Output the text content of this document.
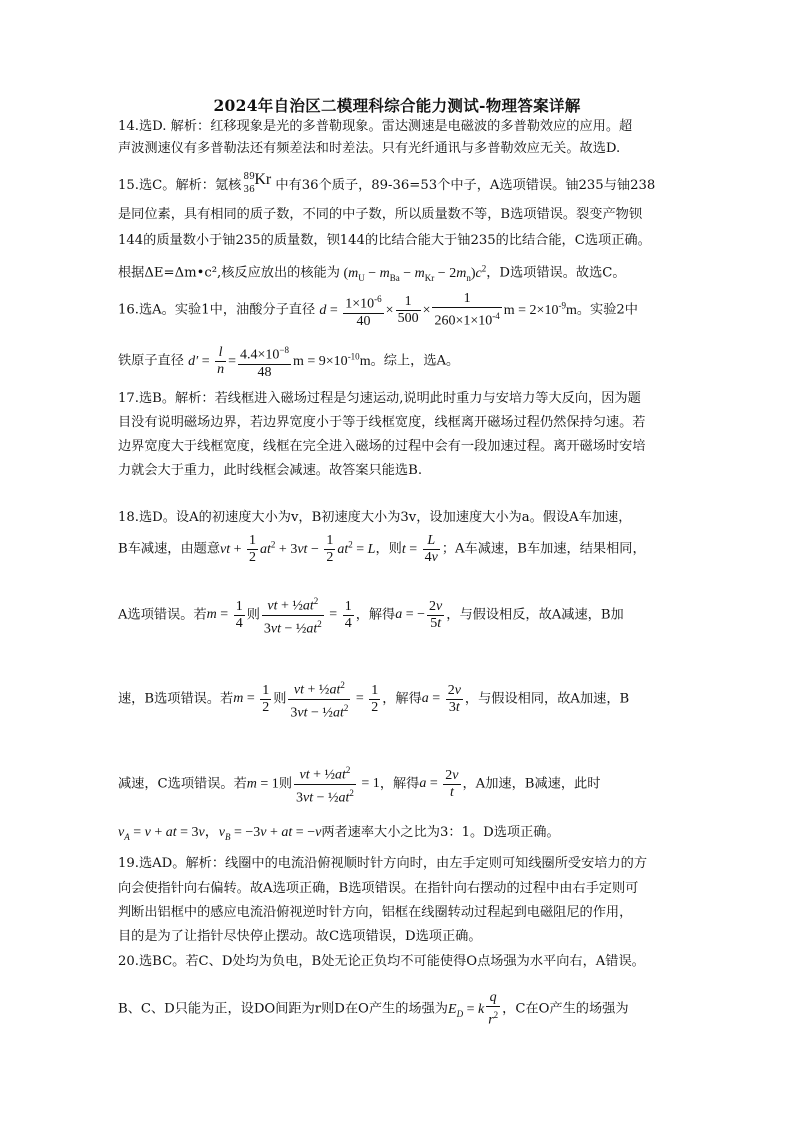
2024年自治区二模理科综合能力测试-物理答案详解
14.选D. 解析：红移现象是光的多普勒现象。雷达测速是电磁波的多普勒效应的应用。超
声波测速仪有多普勒法还有频差法和时差法。只有光纤通讯与多普勒效应无关。故选D.
15.选C。解析：氪核
89
36
Kr 中有36个质子，89-36=53个中子，A选项错误。铀235与铀238
是同位素，具有相同的质子数，不同的中子数，所以质量数不等，B选项错误。裂变产物钡
144的质量数小于铀235的质量数，钡144的比结合能大于铀235的比结合能，C选项正确。
根据ΔE=Δm•c²,核反应放出的核能为 $(m_U - m_{Ba} - m_{Kr} - 2m_n)c^2$，D选项错误。故选C。
16.选A。实验1中，油酸分子直径 $d = \frac{1\times 10^{-6}}{40} \times \frac{1}{500} \times \frac{1}{260\times 1\times 10^{-4}}$ $m = 2\times 10^{-9}m$。实验2中
铁原子直径 $d' = \frac{l}{n} = \frac{4.4\times 10^{-8}}{48}$ $m = 9\times 10^{-10}m$。综上，选A。
17.选B。解析：若线框进入磁场过程是匀速运动,说明此时重力与安培力等大反向，因为题
目没有说明磁场边界，若边界宽度小于等于线框宽度，线框离开磁场过程仍然保持匀速。若
边界宽度大于线框宽度，线框在完全进入磁场的过程中会有一段加速过程。离开磁场时安培
力就会大于重力，此时线框会减速。故答案只能选B.
18.选D。设A的初速度大小为v，B初速度大小为3v，设加速度大小为a。假设A车加速，
B车减速，由题意vt + $\frac{1}{2} at^2 + 3vt - \frac{1}{2} at^2 = L$，则$t = \frac{L}{4v}$ ；A车减速，B车加速，结果相同，
A选项错误。若$m = \frac{1}{4}$ 则 $\frac{vt + \frac{1}{2}at^2}{3vt - \frac{1}{2}at^2} = \frac{1}{4}$ ，解得a = − $\frac{2v}{5t}$ ，与假设相反，故A减速，B加
速，B选项错误。若$m = \frac{1}{2}$ 则 $\frac{vt + \frac{1}{2}at^2}{3vt - \frac{1}{2}at^2} = \frac{1}{2}$ ，解得$a = \frac{2v}{3t}$ ，与假设相同，故A加速，B
减速，C选项错误。若m = 1则 $\frac{vt + \frac{1}{2}at^2}{3vt - \frac{1}{2}at^2} = 1$，解得$a = \frac{2v}{t}$ ，A加速，B减速，此时
$v_A = v$ + at = 3v，$v_B = -3v$ + at = −v两者速率大小之比为3：1。D选项正确。
19.选AD。解析：线圈中的电流沿俯视顺时针方向时，由左手定则可知线圈所受安培力的方
向会使指针向右偏转。故A选项正确，B选项错误。在指针向右摆动的过程中由右手定则可
判断出铝框中的感应电流沿俯视逆时针方向，铝框在线圈转动过程起到电磁阻尼的作用，
目的是为了让指针尽快停止摆动。故C选项错误，D选项正确。
20.选BC。若C、D处均为负电，B处无论正负均不可能使得O点场强为水平向右，A错误。
B、C、D只能为正，设DO间距为r则D在O产生的场强为$E_D = k \frac{q}{r^2}$ ，C在O产生的场强为
